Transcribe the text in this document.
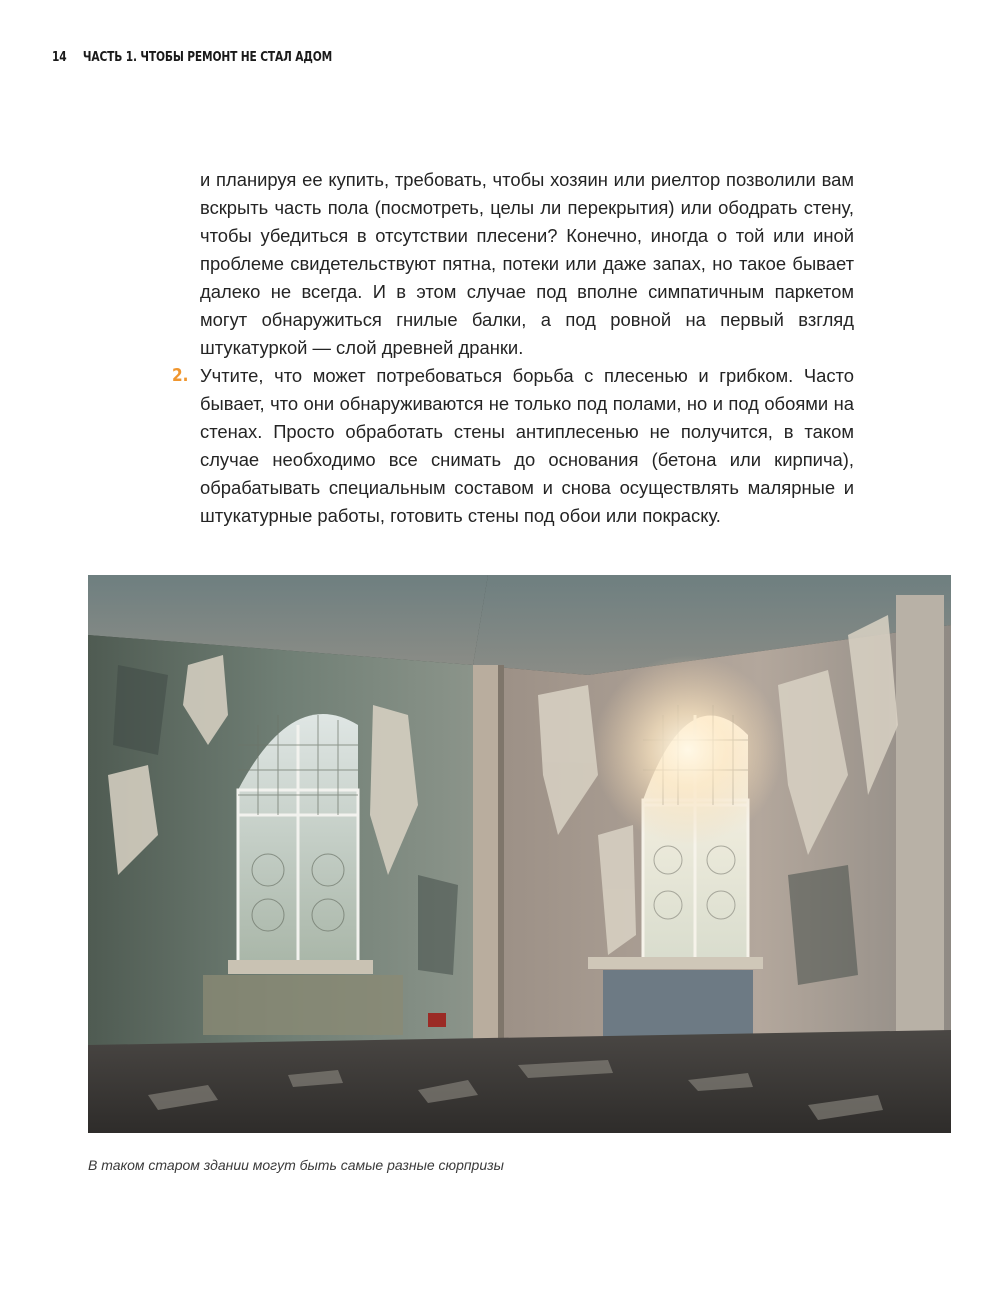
14 ЧАСТЬ 1. ЧТОБЫ РЕМОНТ НЕ СТАЛ АДОМ

и планируя ее купить, требовать, чтобы хозяин или риелтор позволили вам вскрыть часть пола (посмотреть, целы ли перекрытия) или ободрать стену, чтобы убедиться в отсутствии плесени? Конечно, иногда о той или иной проблеме свидетельствуют пятна, потеки или даже запах, но такое бывает далеко не всегда. И в этом случае под вполне симпатичным паркетом могут обнаружиться гнилые балки, а под ровной на первый взгляд штукатуркой — слой древней дранки.

2. Учтите, что может потребоваться борьба с плесенью и грибком. Часто бывает, что они обнаруживаются не только под полами, но и под обоями на стенах. Просто обработать стены антиплесенью не получится, в таком случае необходимо все снимать до основания (бетона или кирпича), обрабатывать специальным составом и снова осуществлять малярные и штукатурные работы, готовить стены под обои или покраску.

В таком старом здании могут быть самые разные сюрпризы
